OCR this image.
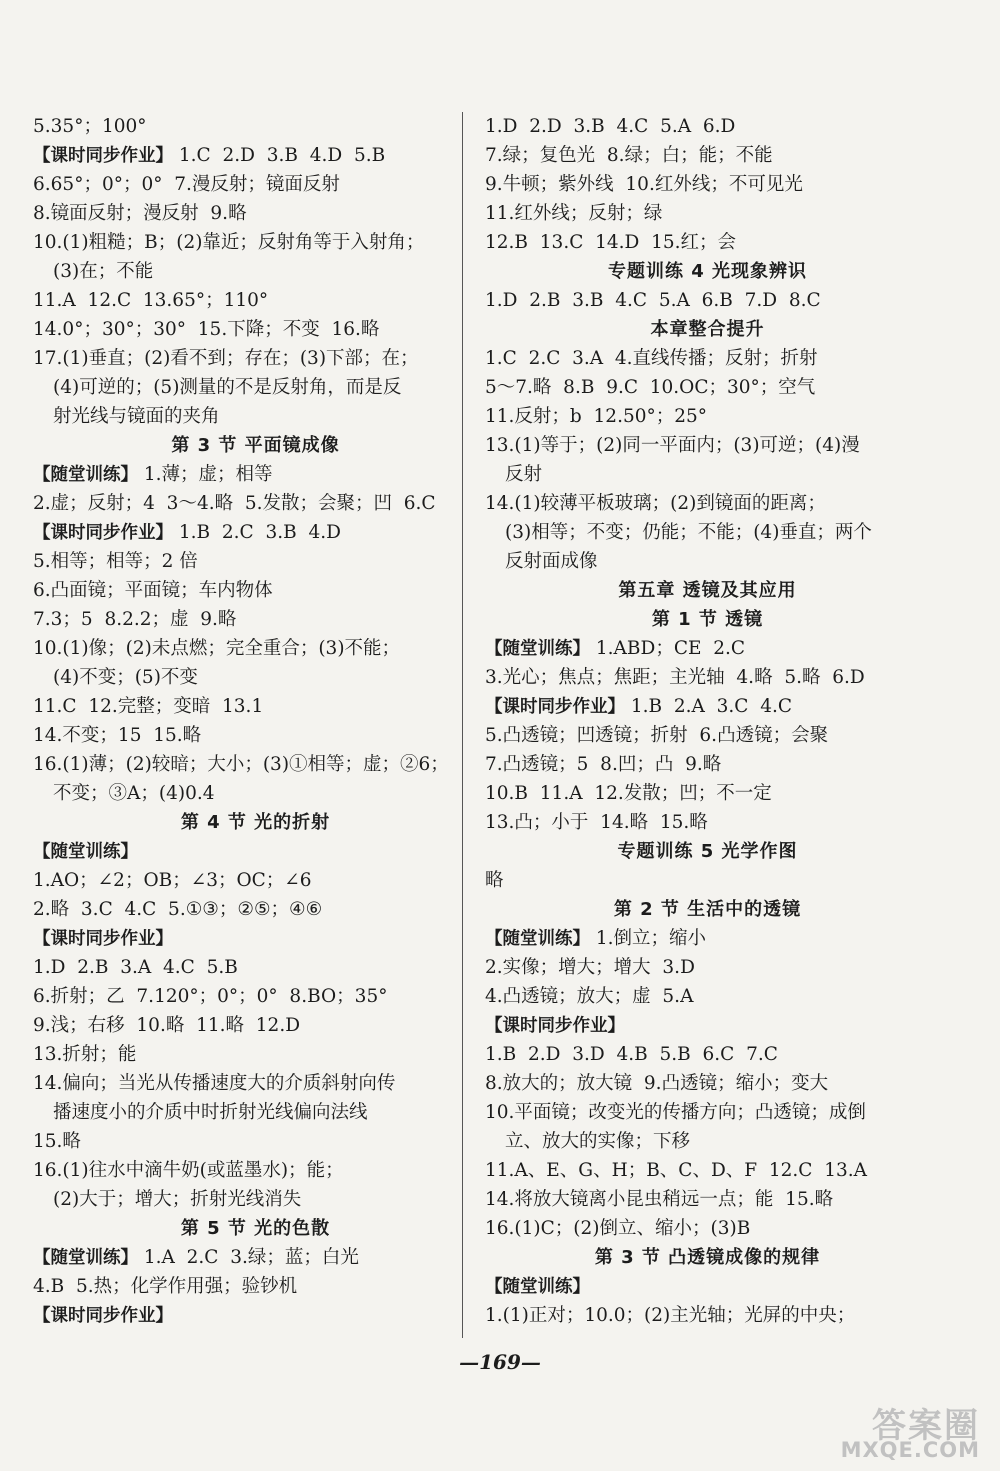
5.35°；100°
【课时同步作业】 1.C  2.D  3.B  4.D  5.B
6.65°；0°；0°  7.漫反射；镜面反射
8.镜面反射；漫反射  9.略
10.(1)粗糙；B；(2)靠近；反射角等于入射角；
(3)在；不能
11.A  12.C  13.65°；110°
14.0°；30°；30°  15.下降；不变  16.略
17.(1)垂直；(2)看不到；存在；(3)下部；在；
(4)可逆的；(5)测量的不是反射角，而是反
射光线与镜面的夹角
第 3 节 平面镜成像
【随堂训练】 1.薄；虚；相等
2.虚；反射；4  3～4.略  5.发散；会聚；凹  6.C
【课时同步作业】 1.B  2.C  3.B  4.D
5.相等；相等；2 倍
6.凸面镜；平面镜；车内物体
7.3；5  8.2.2；虚  9.略
10.(1)像；(2)未点燃；完全重合；(3)不能；
(4)不变；(5)不变
11.C  12.完整；变暗  13.1
14.不变；15  15.略
16.(1)薄；(2)较暗；大小；(3)①相等；虚；②6；
不变；③A；(4)0.4
第 4 节 光的折射
【随堂训练】
1.AO；∠2；OB；∠3；OC；∠6
2.略  3.C  4.C  5.①③；②⑤；④⑥
【课时同步作业】
1.D  2.B  3.A  4.C  5.B
6.折射；乙  7.120°；0°；0°  8.BO；35°
9.浅；右移  10.略  11.略  12.D
13.折射；能
14.偏向；当光从传播速度大的介质斜射向传
播速度小的介质中时折射光线偏向法线
15.略
16.(1)往水中滴牛奶(或蓝墨水)；能；
(2)大于；增大；折射光线消失
第 5 节 光的色散
【随堂训练】 1.A  2.C  3.绿；蓝；白光
4.B  5.热；化学作用强；验钞机
【课时同步作业】
1.D  2.D  3.B  4.C  5.A  6.D
7.绿；复色光  8.绿；白；能；不能
9.牛顿；紫外线  10.红外线；不可见光
11.红外线；反射；绿
12.B  13.C  14.D  15.红；会
专题训练 4 光现象辨识
1.D  2.B  3.B  4.C  5.A  6.B  7.D  8.C
本章整合提升
1.C  2.C  3.A  4.直线传播；反射；折射
5～7.略  8.B  9.C  10.OC；30°；空气
11.反射；b  12.50°；25°
13.(1)等于；(2)同一平面内；(3)可逆；(4)漫
反射
14.(1)较薄平板玻璃；(2)到镜面的距离；
(3)相等；不变；仍能；不能；(4)垂直；两个
反射面成像
第五章 透镜及其应用
第 1 节 透镜
【随堂训练】 1.ABD；CE  2.C
3.光心；焦点；焦距；主光轴  4.略  5.略  6.D
【课时同步作业】 1.B  2.A  3.C  4.C
5.凸透镜；凹透镜；折射  6.凸透镜；会聚
7.凸透镜；5  8.凹；凸  9.略
10.B  11.A  12.发散；凹；不一定
13.凸；小于  14.略  15.略
专题训练 5 光学作图
略
第 2 节 生活中的透镜
【随堂训练】 1.倒立；缩小
2.实像；增大；增大  3.D
4.凸透镜；放大；虚  5.A
【课时同步作业】
1.B  2.D  3.D  4.B  5.B  6.C  7.C
8.放大的；放大镜  9.凸透镜；缩小；变大
10.平面镜；改变光的传播方向；凸透镜；成倒
立、放大的实像；下移
11.A、E、G、H；B、C、D、F  12.C  13.A
14.将放大镜离小昆虫稍远一点；能  15.略
16.(1)C；(2)倒立、缩小；(3)B
第 3 节 凸透镜成像的规律
【随堂训练】
1.(1)正对；10.0；(2)主光轴；光屏的中央；
—169—
答案圈
MXQE.COM
